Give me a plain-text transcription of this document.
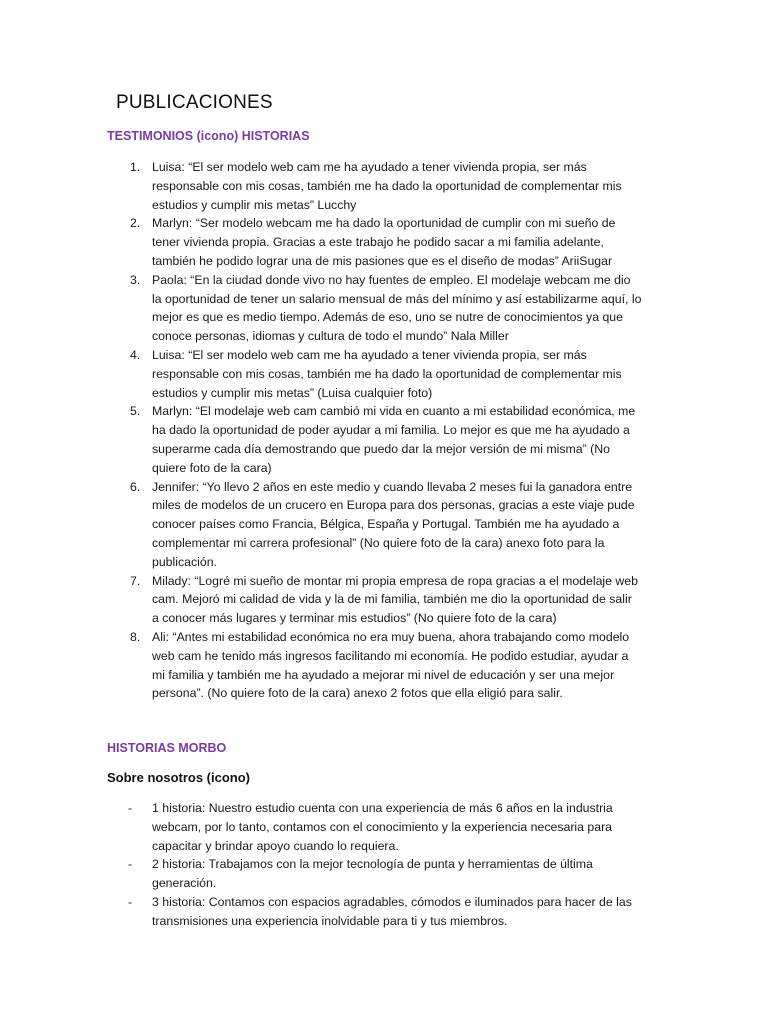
PUBLICACIONES
TESTIMONIOS (icono) HISTORIAS
1. Luisa: “El ser modelo web cam me ha ayudado a tener vivienda propia, ser más responsable con mis cosas, también me ha dado la oportunidad de complementar mis estudios y cumplir mis metas” Lucchy
2. Marlyn: “Ser modelo webcam me ha dado la oportunidad de cumplir con mi sueño de tener vivienda propia. Gracias a este trabajo he podido sacar a mi familia adelante, también he podido lograr una de mis pasiones que es el diseño de modas” AriiSugar
3. Paola: “En la ciudad donde vivo no hay fuentes de empleo. El modelaje webcam me dio la oportunidad de tener un salario mensual de más del mínimo y así estabilizarme aquí, lo mejor es que es medio tiempo. Además de eso, uno se nutre de conocimientos ya que conoce personas, idiomas y cultura de todo el mundo” Nala Miller
4. Luisa: “El ser modelo web cam me ha ayudado a tener vivienda propia, ser más responsable con mis cosas, también me ha dado la oportunidad de complementar mis estudios y cumplir mis metas” (Luisa cualquier foto)
5. Marlyn: “El modelaje web cam cambió mi vida en cuanto a mi estabilidad económica, me ha dado la oportunidad de poder ayudar a mi familia. Lo mejor es que me ha ayudado a superarme cada día demostrando que puedo dar la mejor versión de mi misma” (No quiere foto de la cara)
6. Jennifer: “Yo llevo 2 años en este medio y cuando llevaba 2 meses fui la ganadora entre miles de modelos de un crucero en Europa para dos personas, gracias a este viaje pude conocer países como Francia, Bélgica, España y Portugal. También me ha ayudado a complementar mi carrera profesional” (No quiere foto de la cara) anexo foto para la publicación.
7. Milady: “Logré mi sueño de montar mi propia empresa de ropa gracias a el modelaje web cam. Mejoró mi calidad de vida y la de mi familia, también me dio la oportunidad de salir a conocer más lugares y terminar mis estudios” (No quiere foto de la cara)
8. Ali: “Antes mi estabilidad económica no era muy buena, ahora trabajando como modelo web cam he tenido más ingresos facilitando mi economía. He podido estudiar, ayudar a mi familia y también me ha ayudado a mejorar mi nivel de educación y ser una mejor persona”. (No quiere foto de la cara) anexo 2 fotos que ella eligió para salir.
HISTORIAS MORBO
Sobre nosotros (icono)
- 1 historia: Nuestro estudio cuenta con una experiencia de más 6 años en la industria webcam, por lo tanto, contamos con el conocimiento y la experiencia necesaria para capacitar y brindar apoyo cuando lo requiera.
- 2 historia: Trabajamos con la mejor tecnología de punta y herramientas de última generación.
- 3 historia: Contamos con espacios agradables, cómodos e iluminados para hacer de las transmisiones una experiencia inolvidable para ti y tus miembros.
